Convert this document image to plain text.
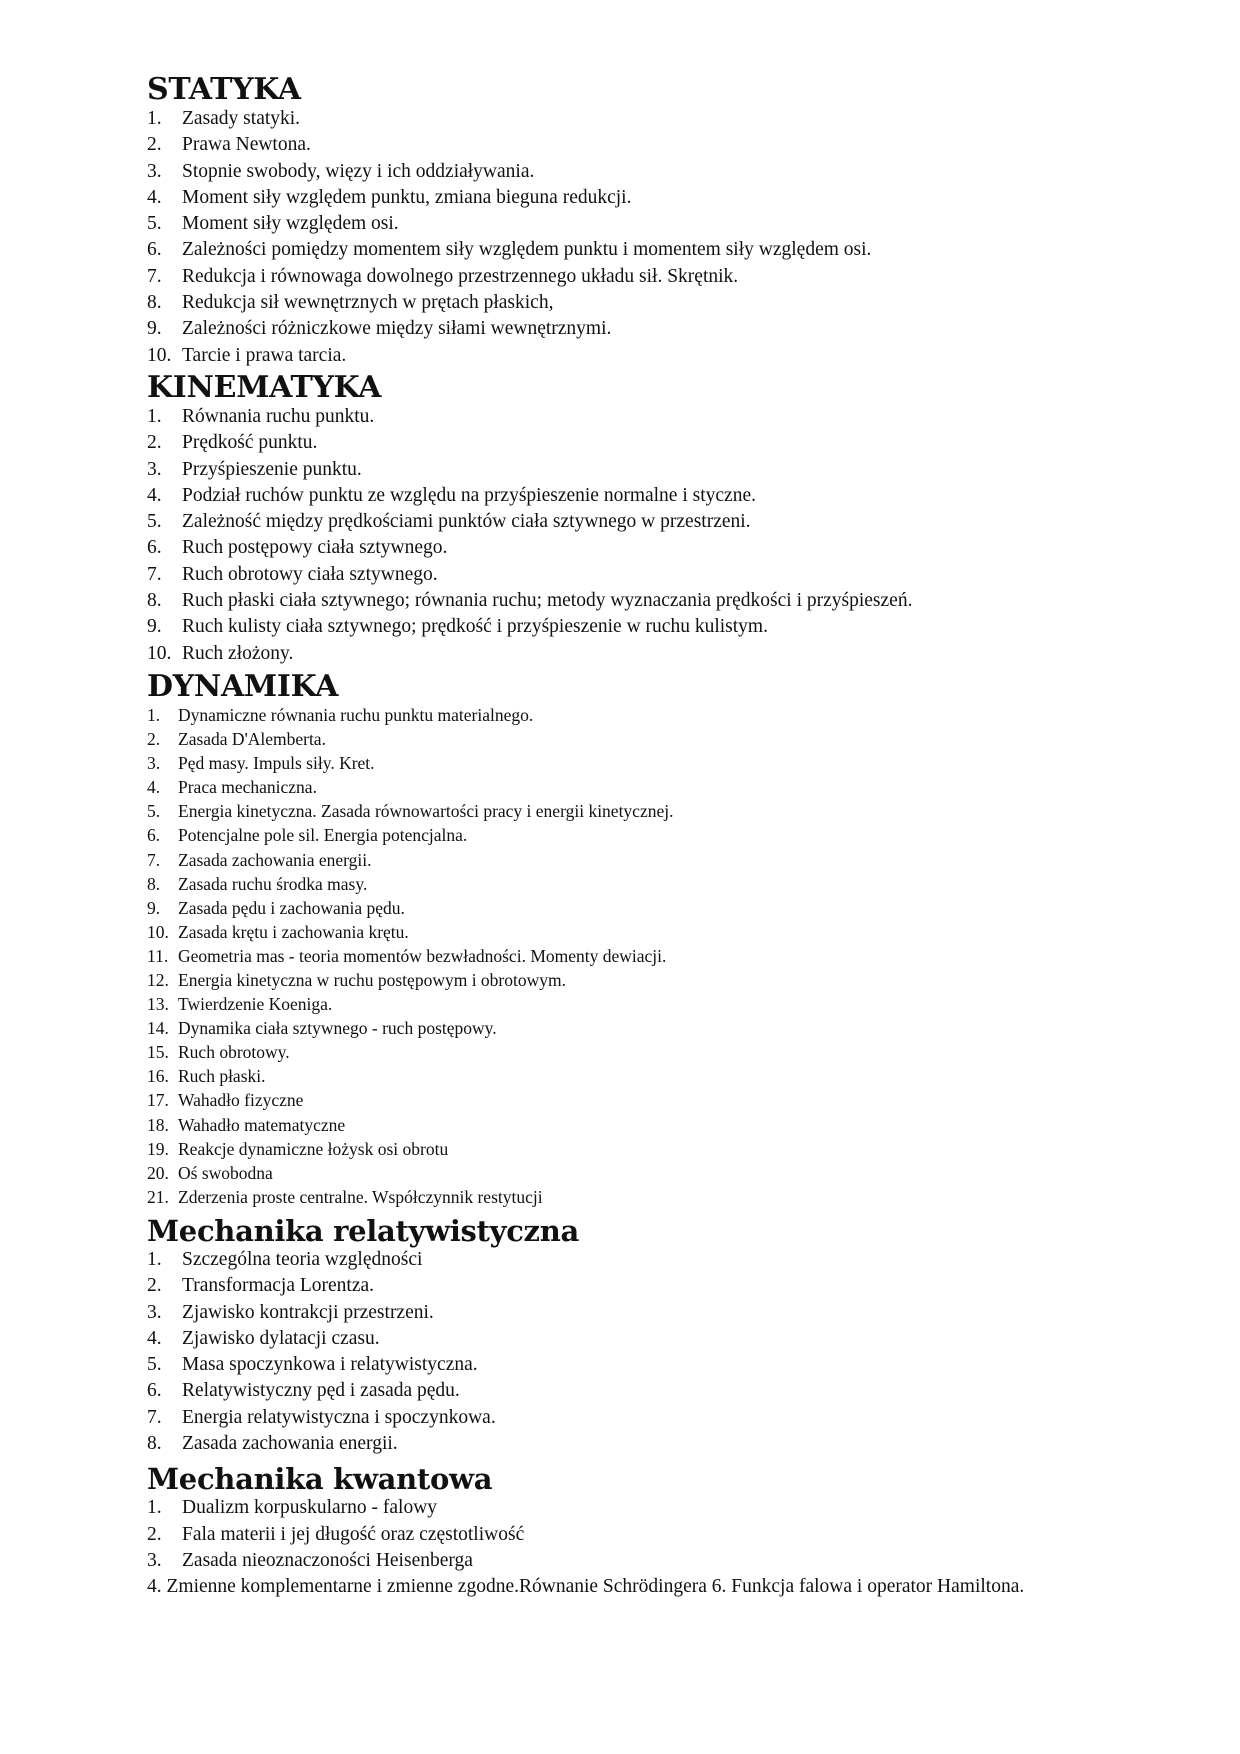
STATYKA
1.	Zasady statyki.
2.	Prawa Newtona.
3.	Stopnie swobody, więzy i ich oddziaływania.
4.	Moment siły względem punktu, zmiana bieguna redukcji.
5.	Moment siły względem osi.
6.	Zależności pomiędzy momentem siły względem punktu i momentem siły względem osi.
7.	Redukcja i równowaga dowolnego przestrzennego układu sił. Skrętnik.
8.	Redukcja sił wewnętrznych w prętach płaskich,
9.	Zależności różniczkowe między siłami wewnętrznymi.
10. Tarcie i prawa tarcia.
KINEMATYKA
1.	Równania ruchu punktu.
2.	Prędkość punktu.
3.	Przyśpieszenie punktu.
4.	Podział ruchów punktu ze względu na przyśpieszenie normalne i styczne.
5.	Zależność między prędkościami punktów ciała sztywnego w przestrzeni.
6.	Ruch postępowy ciała sztywnego.
7.	Ruch obrotowy ciała sztywnego.
8.	Ruch płaski ciała sztywnego; równania ruchu; metody wyznaczania prędkości i przyśpieszeń.
9.	Ruch kulisty ciała sztywnego; prędkość i przyśpieszenie w ruchu kulistym.
10. Ruch złożony.
DYNAMIKA
1.	Dynamiczne równania ruchu punktu materialnego.
2.	Zasada D'Alemberta.
3.	Pęd masy. Impuls siły. Kret.
4.	Praca mechaniczna.
5.	Energia kinetyczna. Zasada równowartości pracy i energii kinetycznej.
6.	Potencjalne pole sil. Energia potencjalna.
7.	Zasada zachowania energii.
8.	Zasada ruchu środka masy.
9.	Zasada pędu i zachowania pędu.
10. Zasada krętu i zachowania krętu.
11. Geometria mas - teoria momentów bezwładności. Momenty dewiacji.
12. Energia kinetyczna w ruchu postępowym i obrotowym.
13. Twierdzenie Koeniga.
14. Dynamika ciała sztywnego - ruch postępowy.
15. Ruch obrotowy.
16. Ruch płaski.
17. Wahadło fizyczne
18. Wahadło matematyczne
19. Reakcje dynamiczne łożysk osi obrotu
20. Oś swobodna
21. Zderzenia proste centralne. Współczynnik restytucji
Mechanika relatywistyczna
1.	Szczególna teoria względności
2.	Transformacja Lorentza.
3.	Zjawisko kontrakcji przestrzeni.
4.	Zjawisko dylatacji czasu.
5.	Masa spoczynkowa i relatywistyczna.
6.	Relatywistyczny pęd i zasada pędu.
7.	Energia relatywistyczna i spoczynkowa.
8.	Zasada zachowania energii.
Mechanika kwantowa
1.	Dualizm korpuskularno - falowy
2.	Fala materii i jej długość oraz częstotliwość
3.	Zasada nieoznaczoności Heisenberga
4. Zmienne komplementarne i zmienne zgodne.Równanie Schrödingera 6. Funkcja falowa i operator Hamiltona.
